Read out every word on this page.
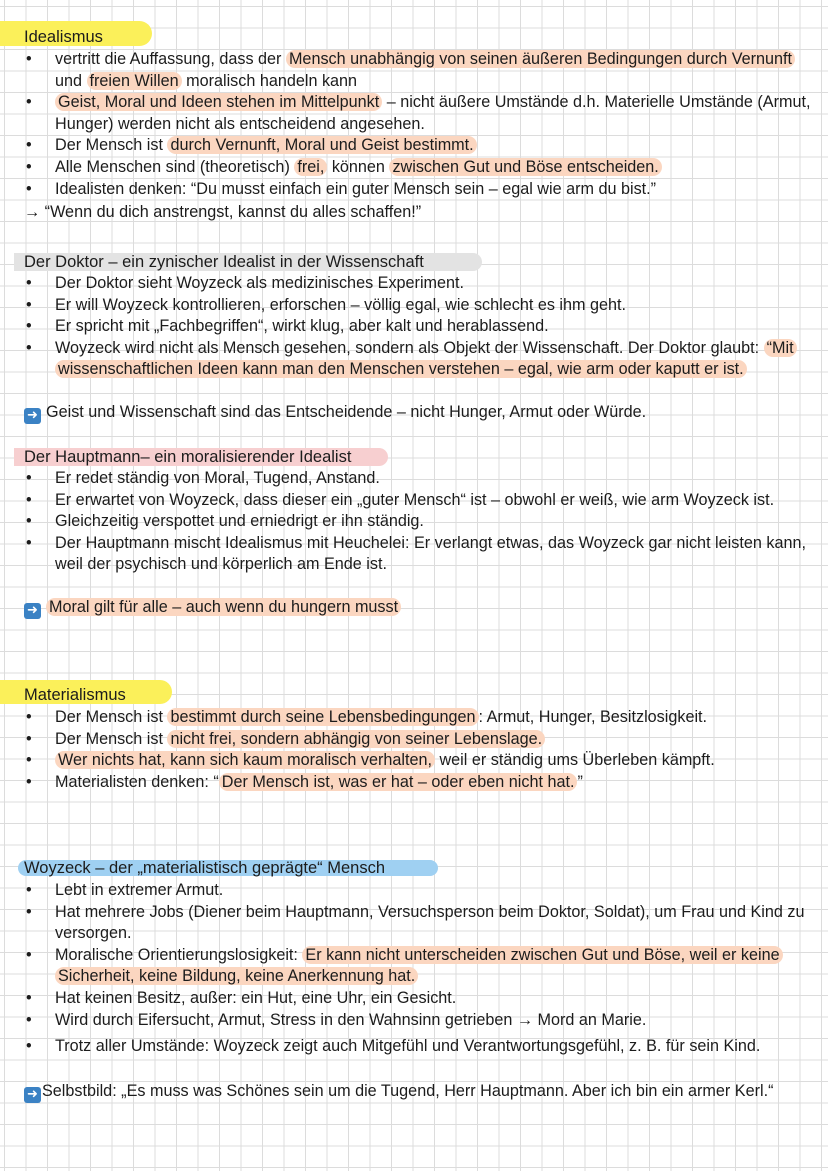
Idealismus
• vertritt die Auffassung, dass der Mensch unabhängig von seinen äußeren Bedingungen durch Vernunft und freien Willen moralisch handeln kann
• Geist, Moral und Ideen stehen im Mittelpunkt – nicht äußere Umstände d.h. Materielle Umstände (Armut, Hunger) werden nicht als entscheidend angesehen.
• Der Mensch ist durch Vernunft, Moral und Geist bestimmt.
• Alle Menschen sind (theoretisch) frei, können zwischen Gut und Böse entscheiden.
• Idealisten denken: “Du musst einfach ein guter Mensch sein – egal wie arm du bist.”
→ “Wenn du dich anstrengst, kannst du alles schaffen!”
Der Doktor – ein zynischer Idealist in der Wissenschaft
• Der Doktor sieht Woyzeck als medizinisches Experiment.
• Er will Woyzeck kontrollieren, erforschen – völlig egal, wie schlecht es ihm geht.
• Er spricht mit „Fachbegriffen“, wirkt klug, aber kalt und herablassend.
• Woyzeck wird nicht als Mensch gesehen, sondern als Objekt der Wissenschaft. Der Doktor glaubt: “Mit wissenschaftlichen Ideen kann man den Menschen verstehen – egal, wie arm oder kaputt er ist.
➜ Geist und Wissenschaft sind das Entscheidende – nicht Hunger, Armut oder Würde.
Der Hauptmann– ein moralisierender Idealist
• Er redet ständig von Moral, Tugend, Anstand.
• Er erwartet von Woyzeck, dass dieser ein „guter Mensch“ ist – obwohl er weiß, wie arm Woyzeck ist.
• Gleichzeitig verspottet und erniedrigt er ihn ständig.
• Der Hauptmann mischt Idealismus mit Heuchelei: Er verlangt etwas, das Woyzeck gar nicht leisten kann, weil der psychisch und körperlich am Ende ist.
➜ Moral gilt für alle – auch wenn du hungern musst
Materialismus
• Der Mensch ist bestimmt durch seine Lebensbedingungen : Armut, Hunger, Besitzlosigkeit.
• Der Mensch ist nicht frei, sondern abhängig von seiner Lebenslage.
• Wer nichts hat, kann sich kaum moralisch verhalten, weil er ständig ums Überleben kämpft.
• Materialisten denken: “ Der Mensch ist, was er hat – oder eben nicht hat. ”
Woyzeck – der „materialistisch geprägte“ Mensch
• Lebt in extremer Armut.
• Hat mehrere Jobs (Diener beim Hauptmann, Versuchsperson beim Doktor, Soldat), um Frau und Kind zu versorgen.
• Moralische Orientierungslosigkeit: Er kann nicht unterscheiden zwischen Gut und Böse, weil er keine Sicherheit, keine Bildung, keine Anerkennung hat.
• Hat keinen Besitz, außer: ein Hut, eine Uhr, ein Gesicht.
• Wird durch Eifersucht, Armut, Stress in den Wahnsinn getrieben → Mord an Marie.
• Trotz aller Umstände: Woyzeck zeigt auch Mitgefühl und Verantwortungsgefühl, z. B. für sein Kind.
➜ Selbstbild: „Es muss was Schönes sein um die Tugend, Herr Hauptmann. Aber ich bin ein armer Kerl.“
